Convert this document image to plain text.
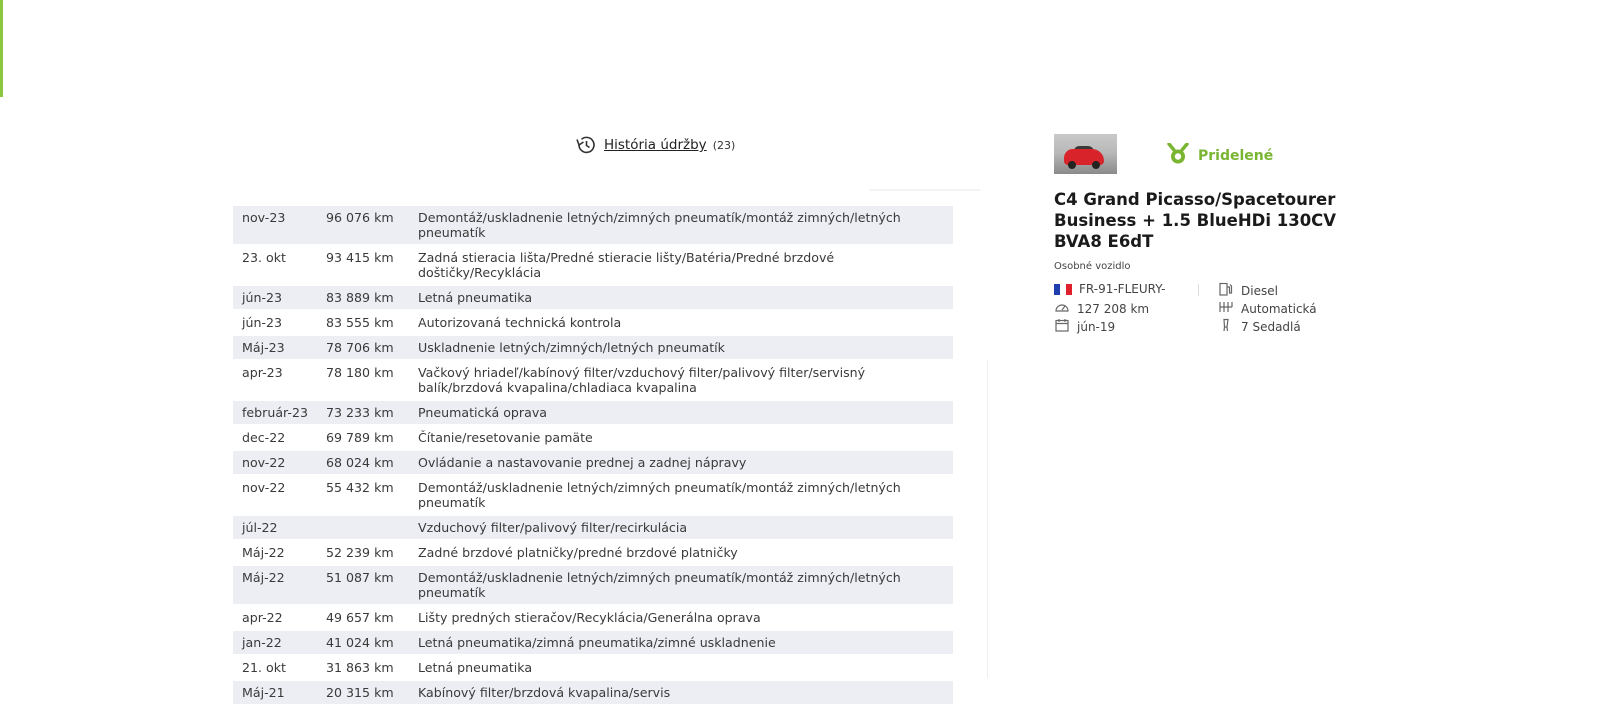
História údržby (23)
nov-23	96 076 km	Demontáž/uskladnenie letných/zimných pneumatík/montáž zimných/letných pneumatík
23. okt	93 415 km	Zadná stieracia lišta/Predné stieracie lišty/Batéria/Predné brzdové doštičky/Recyklácia
jún-23	83 889 km	Letná pneumatika
jún-23	83 555 km	Autorizovaná technická kontrola
Máj-23	78 706 km	Uskladnenie letných/zimných/letných pneumatík
apr-23	78 180 km	Vačkový hriadeľ/kabínový filter/vzduchový filter/palivový filter/servisný balík/brzdová kvapalina/chladiaca kvapalina
február-23	73 233 km	Pneumatická oprava
dec-22	69 789 km	Čítanie/resetovanie pamäte
nov-22	68 024 km	Ovládanie a nastavovanie prednej a zadnej nápravy
nov-22	55 432 km	Demontáž/uskladnenie letných/zimných pneumatík/montáž zimných/letných pneumatík
júl-22		Vzduchový filter/palivový filter/recirkulácia
Máj-22	52 239 km	Zadné brzdové platničky/predné brzdové platničky
Máj-22	51 087 km	Demontáž/uskladnenie letných/zimných pneumatík/montáž zimných/letných pneumatík
apr-22	49 657 km	Lišty predných stieračov/Recyklácia/Generálna oprava
jan-22	41 024 km	Letná pneumatika/zimná pneumatika/zimné uskladnenie
21. okt	31 863 km	Letná pneumatika
Máj-21	20 315 km	Kabínový filter/brzdová kvapalina/servis
Pridelené
C4 Grand Picasso/Spacetourer Business + 1.5 BlueHDi 130CV BVA8 E6dT
Osobné vozidlo
FR-91-FLEURY-
127 208 km
jún-19
Diesel
Automatická
7 Sedadlá
